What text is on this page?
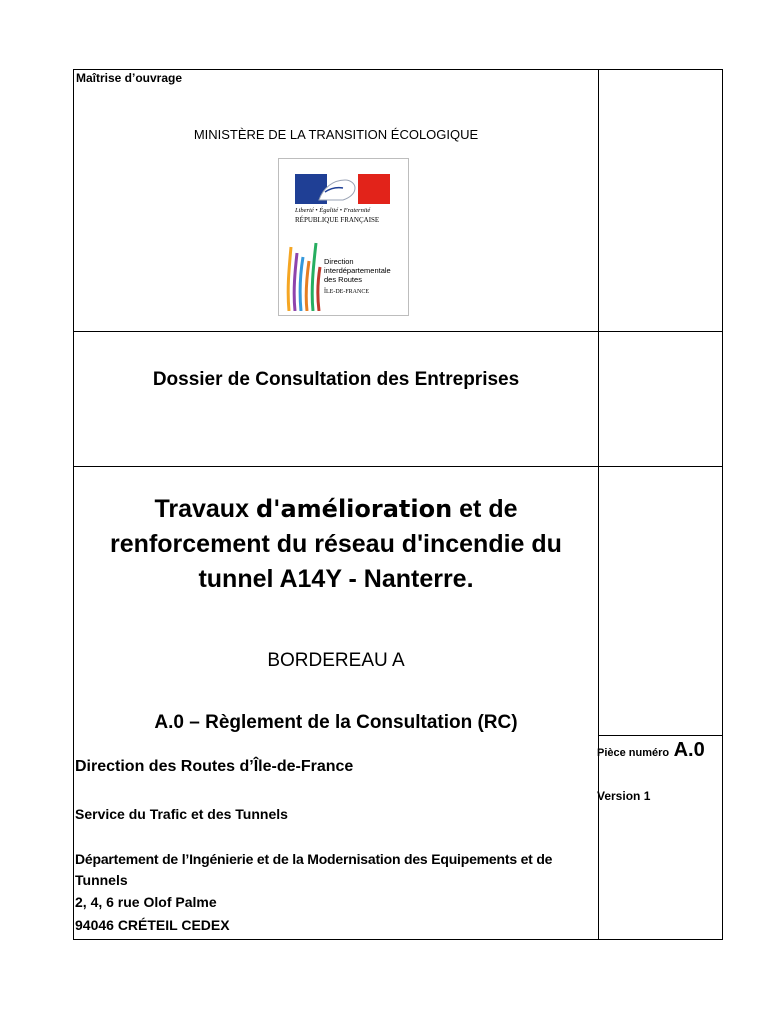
Maîtrise d’ouvrage
MINISTÈRE DE LA TRANSITION ÉCOLOGIQUE
Liberté • Égalité • Fraternité
RÉPUBLIQUE FRANÇAISE
Direction
interdépartementale
des Routes
ÎLE-DE-FRANCE
Dossier de Consultation des Entreprises
Travaux d'amélioration et de
renforcement du réseau d'incendie du
tunnel A14Y - Nanterre.
BORDEREAU A
A.0 – Règlement de la Consultation (RC)
Direction des Routes d’Île-de-France
Service du Trafic et des Tunnels
Département de l’Ingénierie et de la Modernisation des Equipements et de
Tunnels
2, 4, 6 rue Olof Palme
94046 CRÉTEIL CEDEX
Pièce numéro A.0
Version 1
